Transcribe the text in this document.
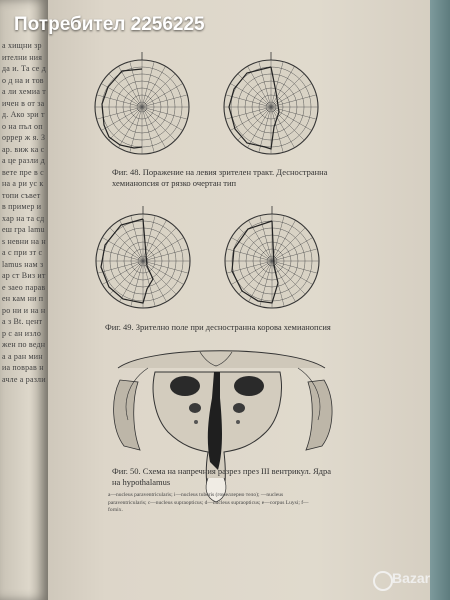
а хищни зрителни ния да и. Та се до д на и това ли хемиа тичен в от зад. Ако зри то на пъл опоррер ж я. Зар. виж ка са це разли двете пре в с на а ри ус ктопи съвет в пример и хар на та сдеш гра lamus невни на на с при зт с lamus нам зар ст Виз ите заео паравен кам ни про ни и на на з Bt. центр с ан изложен по ведна а ран миниа поврав начле а разли
Потребител 2256225
Фиг. 48. Поражение на левия зрителен тракт. Десностранна хемианопсия от рязко очертан тип
Фиг. 49. Зрително поле при десностранна корова хемианопсия
Фиг. 50. Схема на напречния разрез през III вентрикул. Ядра на hypothalamus
a—nucleus paraventricularis; i—nucleus tuberis (гомеллерно тело); —nucleus paraventricularis; c—nucleus supraopticus; d—nucleus supraopticus; e—corpus Luysi; f—fornix.
Bazar
